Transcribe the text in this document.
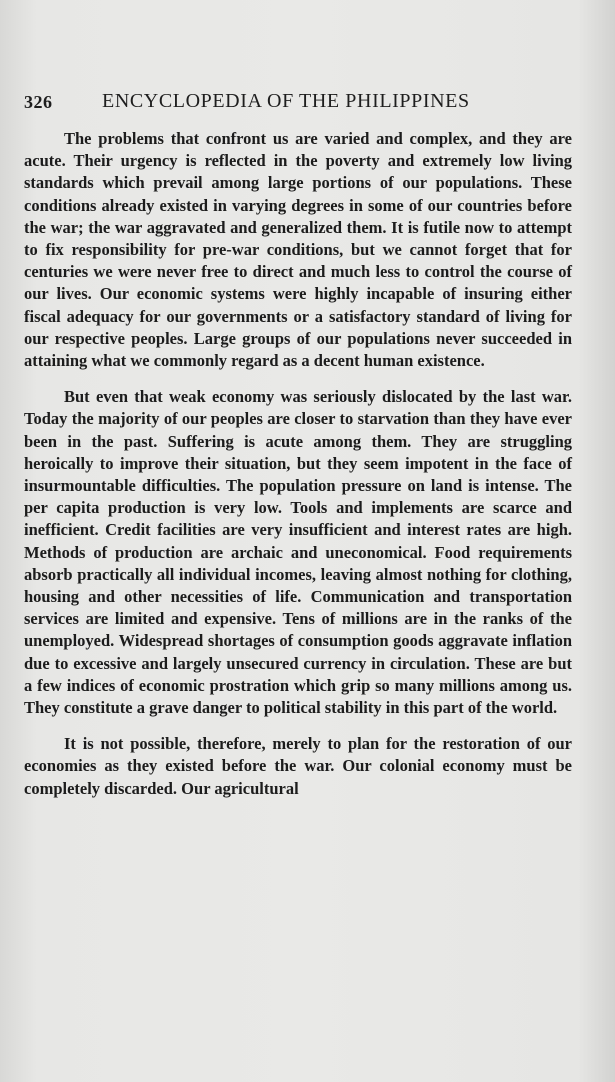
326 ENCYCLOPEDIA OF THE PHILIPPINES

The problems that confront us are varied and complex, and they are acute. Their urgency is reflected in the poverty and extremely low living standards which prevail among large portions of our populations. These conditions already existed in varying degrees in some of our countries before the war; the war aggravated and generalized them. It is futile now to attempt to fix responsibility for pre-war conditions, but we cannot forget that for centuries we were never free to direct and much less to control the course of our lives. Our economic systems were highly incapable of insuring either fiscal adequacy for our governments or a satisfactory standard of living for our respective peoples. Large groups of our populations never succeeded in attaining what we commonly regard as a decent human existence.

But even that weak economy was seriously dislocated by the last war. Today the majority of our peoples are closer to starvation than they have ever been in the past. Suffering is acute among them. They are struggling heroically to improve their situation, but they seem impotent in the face of insurmountable difficulties. The population pressure on land is intense. The per capita production is very low. Tools and implements are scarce and inefficient. Credit facilities are very insufficient and interest rates are high. Methods of production are archaic and uneconomical. Food requirements absorb practically all individual incomes, leaving almost nothing for clothing, housing and other necessities of life. Communication and transportation services are limited and expensive. Tens of millions are in the ranks of the unemployed. Widespread shortages of consumption goods aggravate inflation due to excessive and largely unsecured currency in circulation. These are but a few indices of economic prostration which grip so many millions among us. They constitute a grave danger to political stability in this part of the world.

It is not possible, therefore, merely to plan for the restoration of our economies as they existed before the war. Our colonial economy must be completely discarded. Our agricultural
